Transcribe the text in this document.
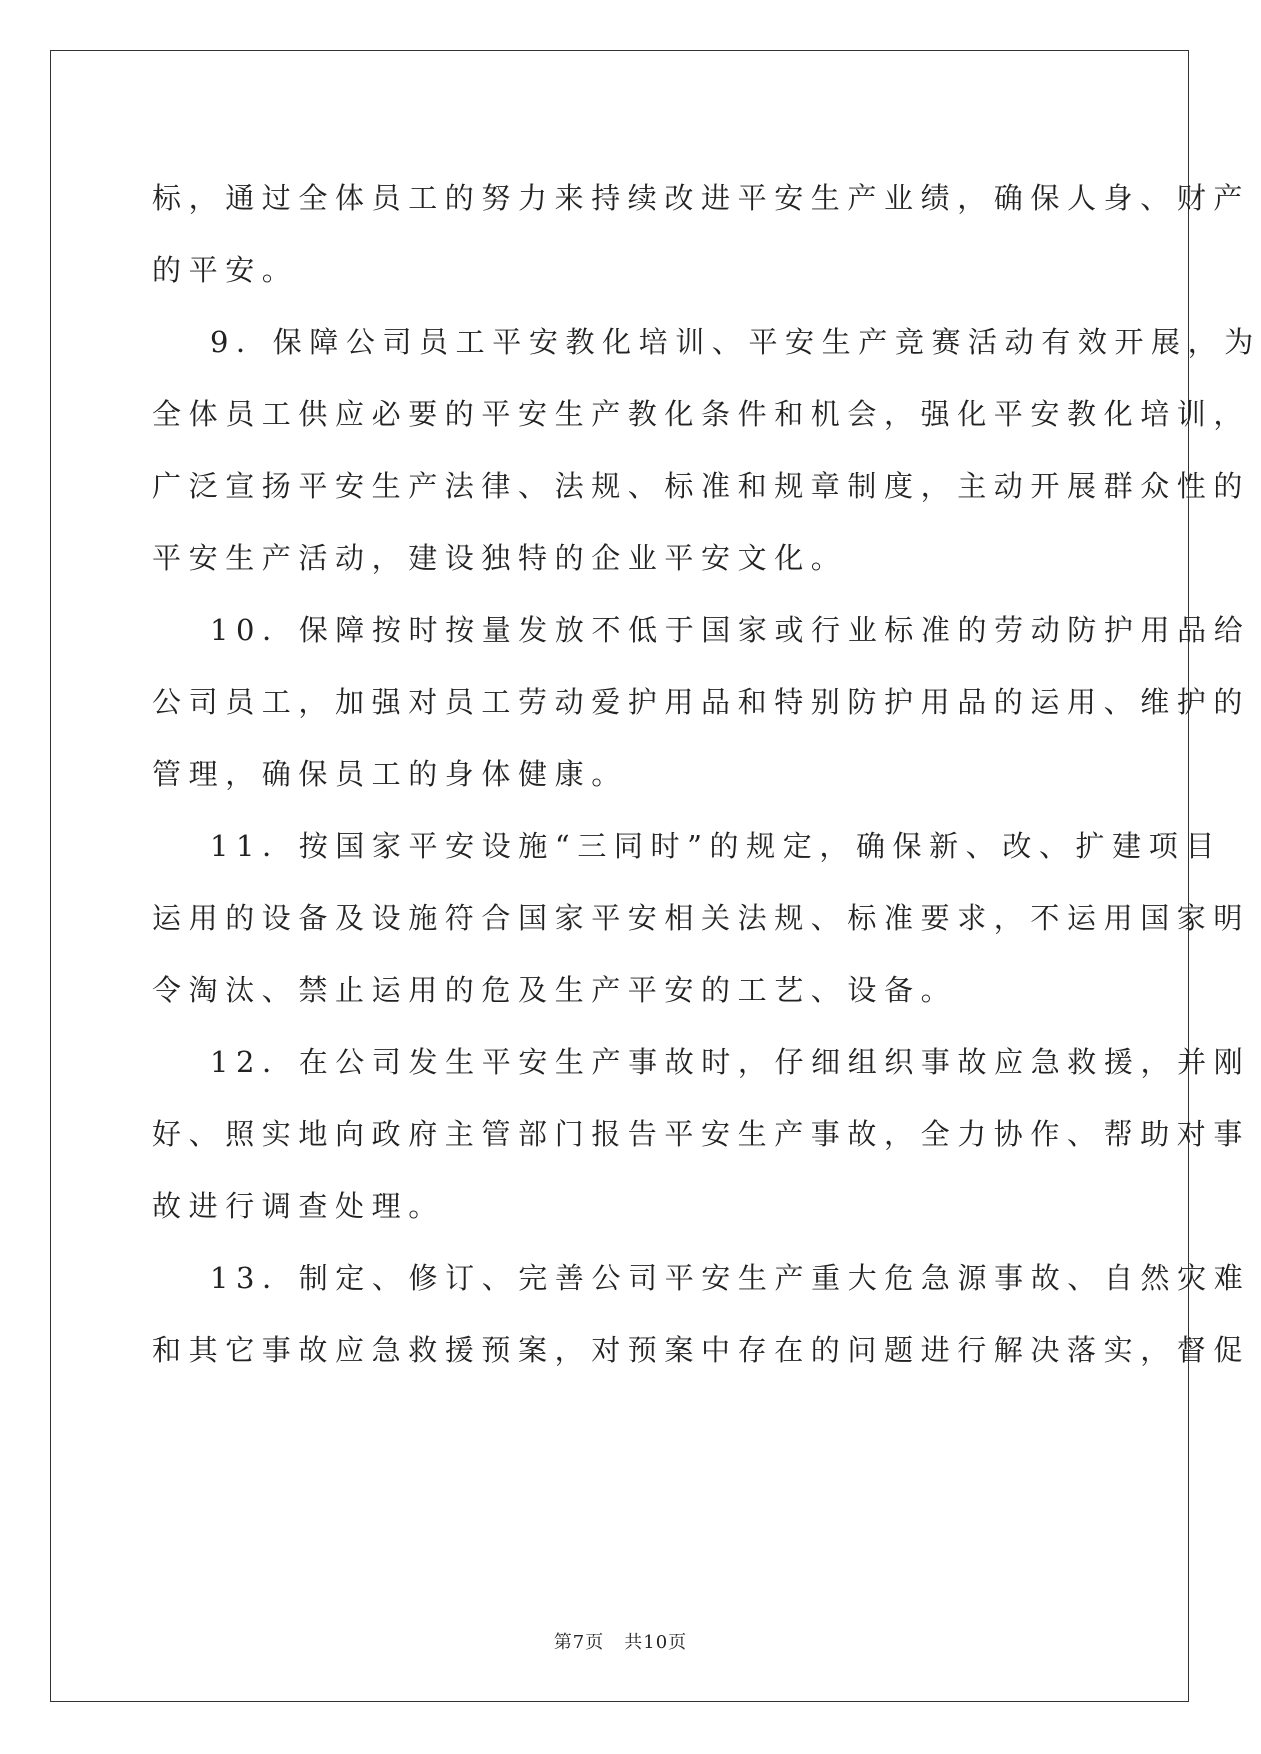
标，通过全体员工的努力来持续改进平安生产业绩，确保人身、财产
的平安。
9．保障公司员工平安教化培训、平安生产竞赛活动有效开展，为
全体员工供应必要的平安生产教化条件和机会，强化平安教化培训，
广泛宣扬平安生产法律、法规、标准和规章制度，主动开展群众性的
平安生产活动，建设独特的企业平安文化。
10．保障按时按量发放不低于国家或行业标准的劳动防护用品给
公司员工，加强对员工劳动爱护用品和特别防护用品的运用、维护的
管理，确保员工的身体健康。
11．按国家平安设施“三同时”的规定，确保新、改、扩建项目
运用的设备及设施符合国家平安相关法规、标准要求，不运用国家明
令淘汰、禁止运用的危及生产平安的工艺、设备。
12．在公司发生平安生产事故时，仔细组织事故应急救援，并刚
好、照实地向政府主管部门报告平安生产事故，全力协作、帮助对事
故进行调查处理。
13．制定、修订、完善公司平安生产重大危急源事故、自然灾难
和其它事故应急救援预案，对预案中存在的问题进行解决落实，督促
第7页 共10页
